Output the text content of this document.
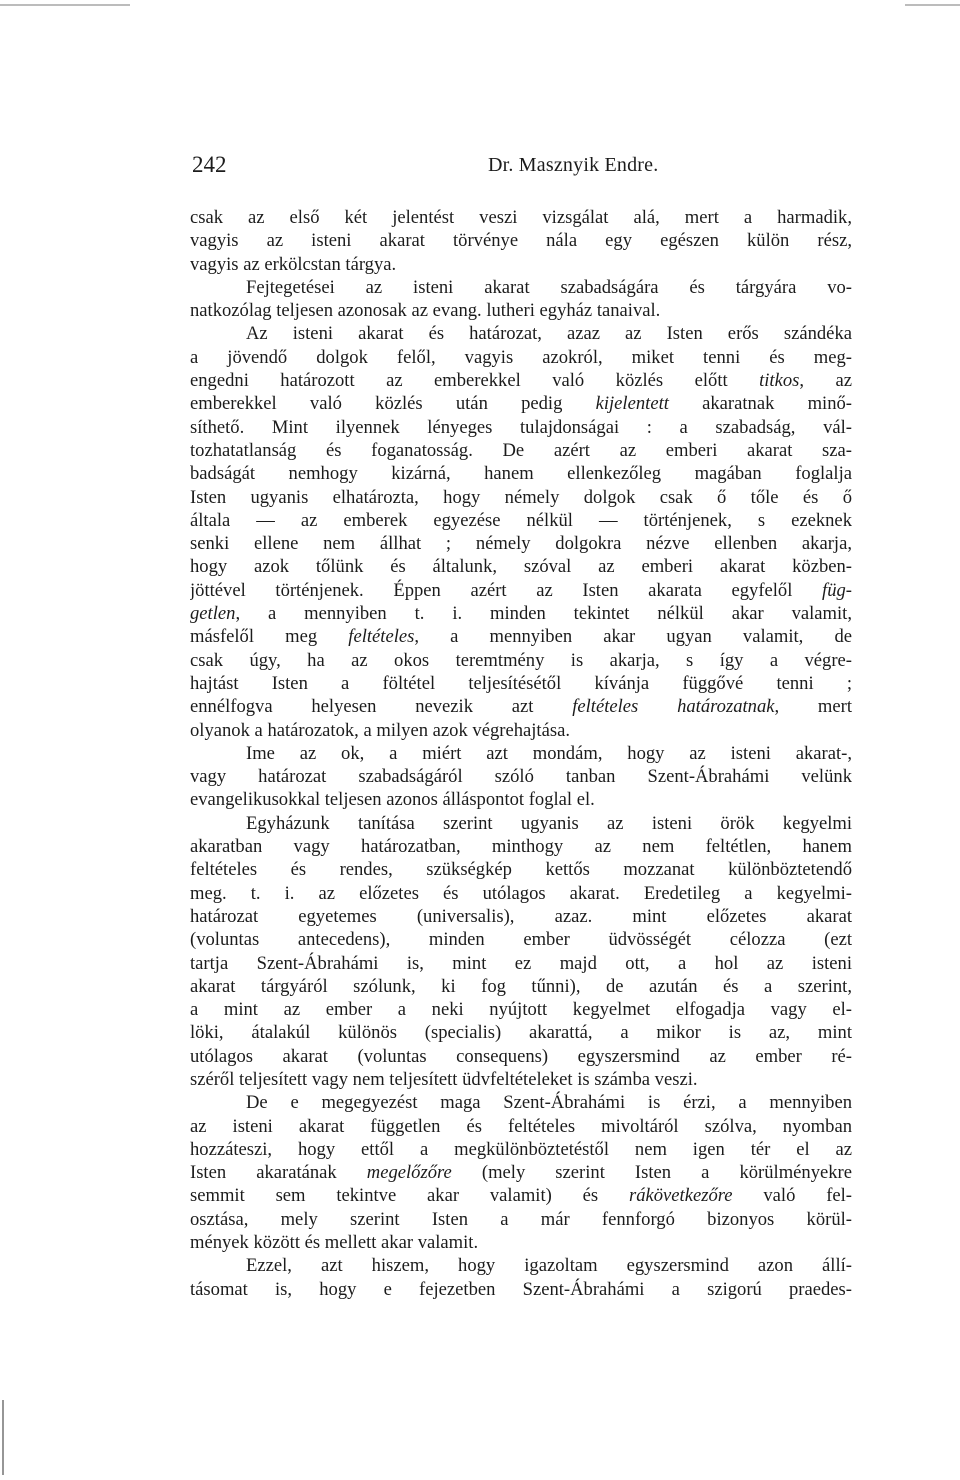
242	Dr. Masznyik Endre.
csak az első két jelentést veszi vizsgálat alá, mert a harmadik,
vagyis az isteni akarat törvénye nála egy egészen külön rész,
vagyis az erkölcstan tárgya.
Fejtegetései az isteni akarat szabadságára és tárgyára vo-
natkozólag teljesen azonosak az evang. lutheri egyház tanaival.
Az isteni akarat és határozat, azaz az Isten erős szándéka
a jövendő dolgok felől, vagyis azokról, miket tenni és meg-
engedni határozott az emberekkel való közlés előtt titkos, az
emberekkel való közlés után pedig kijelentett akaratnak minő-
síthető. Mint ilyennek lényeges tulajdonságai : a szabadság, vál-
tozhatatlanság és foganatosság. De azért az emberi akarat sza-
badságát nemhogy kizárná, hanem ellenkezőleg magában foglalja
Isten ugyanis elhatározta, hogy némely dolgok csak ő tőle és ő
általa — az emberek egyezése nélkül — történjenek, s ezeknek
senki ellene nem állhat ; némely dolgokra nézve ellenben akarja,
hogy azok tőlünk és általunk, szóval az emberi akarat közben-
jöttével történjenek. Éppen azért az Isten akarata egyfelől füg-
getlen, a mennyiben t. i. minden tekintet nélkül akar valamit,
másfelől meg feltételes, a mennyiben akar ugyan valamit, de
csak úgy, ha az okos teremtmény is akarja, s így a végre-
hajtást Isten a föltétel teljesítésétől kívánja függővé tenni ;
ennélfogva helyesen nevezik azt feltételes határozatnak, mert
olyanok a határozatok, a milyen azok végrehajtása.
Ime az ok, a miért azt mondám, hogy az isteni akarat-,
vagy határozat szabadságáról szóló tanban Szent-Ábrahámi velünk
evangelikusokkal teljesen azonos álláspontot foglal el.
Egyházunk tanítása szerint ugyanis az isteni örök kegyelmi
akaratban vagy határozatban, minthogy az nem feltétlen, hanem
feltételes és rendes, szükségkép kettős mozzanat különböztetendő
meg. t. i. az előzetes és utólagos akarat. Eredetileg a kegyelmi-
határozat egyetemes (universalis), azaz. mint előzetes akarat
(voluntas antecedens), minden ember üdvösségét célozza (ezt
tartja Szent-Ábrahámi is, mint ez majd ott, a hol az isteni
akarat tárgyáról szólunk, ki fog tűnni), de azután és a szerint,
a mint az ember a neki nyújtott kegyelmet elfogadja vagy el-
löki, átalakúl különös (specialis) akarattá, a mikor is az, mint
utólagos akarat (voluntas consequens) egyszersmind az ember ré-
széről teljesített vagy nem teljesített üdvfeltételeket is számba veszi.
De e megegyezést maga Szent-Ábrahámi is érzi, a mennyiben
az isteni akarat független és feltételes mivoltáról szólva, nyomban
hozzáteszi, hogy ettől a megkülönböztetéstől nem igen tér el az
Isten akaratának megelőzőre (mely szerint Isten a körülményekre
semmit sem tekintve akar valamit) és rákövetkezőre való fel-
osztása, mely szerint Isten a már fennforgó bizonyos körül-
mények között és mellett akar valamit.
Ezzel, azt hiszem, hogy igazoltam egyszersmind azon állí-
tásomat is, hogy e fejezetben Szent-Ábrahámi a szigorú praedes-
